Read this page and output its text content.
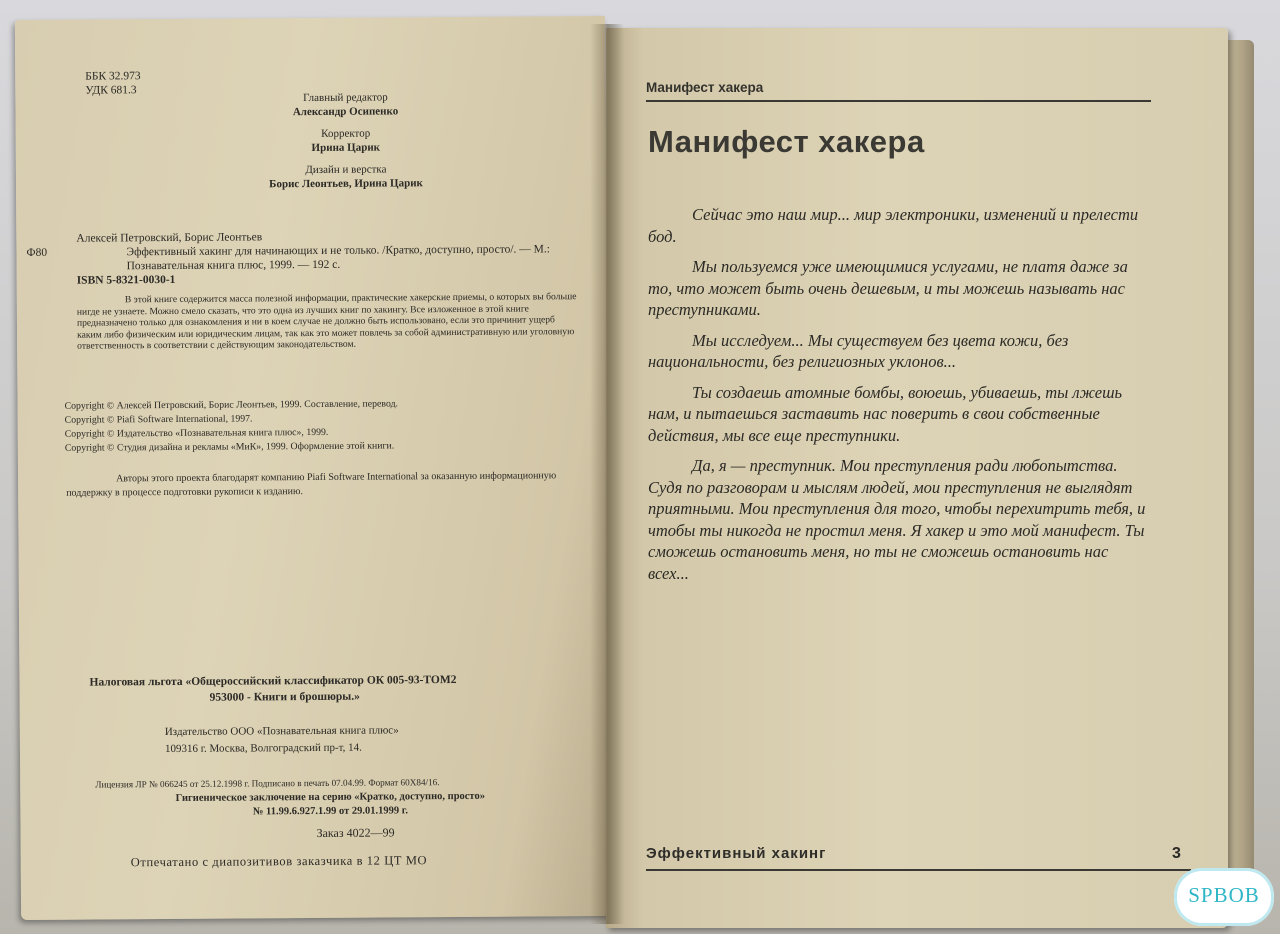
ББК 32.973
УДК 681.3
Главный редактор
Александр Осипенко
Корректор
Ирина Царик
Дизайн и верстка
Борис Леонтьев, Ирина Царик
Алексей Петровский, Борис Леонтьев
Ф80	Эффективный хакинг для начинающих и не только. /Кратко, доступно, просто/. — М.: Познавательная книга плюс, 1999. — 192 с.
ISBN 5-8321-0030-1

В этой книге содержится масса полезной информации, практические хакерские приемы, о которых вы больше нигде не узнаете. Можно смело сказать, что это одна из лучших книг по хакингу. Все изложенное в этой книге предназначено только для ознакомления и ни в коем случае не должно быть использовано, если это причинит ущерб каким либо физическим или юридическим лицам, так как это может повлечь за собой административную или уголовную ответственность в соответствии с действующим законодательством.

Copyright © Алексей Петровский, Борис Леонтьев, 1999. Составление, перевод.
Copyright © Piafi Software International, 1997.
Copyright © Издательство «Познавательная книга плюс», 1999.
Copyright © Студия дизайна и рекламы «МиК», 1999. Оформление этой книги.

Авторы этого проекта благодарят компанию Piafi Software International за оказанную информационную поддержку в процессе подготовки рукописи к изданию.

Налоговая льгота «Общероссийский классификатор ОК 005-93-ТОМ2
953000 - Книги и брошюры.»
Издательство ООО «Познавательная книга плюс»
109316 г. Москва, Волгоградский пр-т, 14.
Лицензия ЛР № 066245 от 25.12.1998 г. Подписано в печать 07.04.99. Формат 60Х84/16.
Гигиеническое заключение на серию «Кратко, доступно, просто»
№ 11.99.6.927.1.99 от 29.01.1999 г.
Заказ 4022—99
Отпечатано с диапозитивов заказчика в 12 ЦТ МО
Манифест хакера
Манифест хакера

Сейчас это наш мир... мир электроники, изменений и прелести бод.

Мы пользуемся уже имеющимися услугами, не платя даже за то, что может быть очень дешевым, и ты можешь называть нас преступниками.

Мы исследуем... Мы существуем без цвета кожи, без национальности, без религиозных уклонов...

Ты создаешь атомные бомбы, воюешь, убиваешь, ты лжешь нам, и пытаешься заставить нас поверить в свои собственные действия, мы все еще преступники.

Да, я — преступник. Мои преступления ради любопытства. Судя по разговорам и мыслям людей, мои преступления не выглядят приятными. Мои преступления для того, чтобы перехитрить тебя, и чтобы ты никогда не простил меня. Я хакер и это мой манифест. Ты сможешь остановить меня, но ты не сможешь остановить нас всех...

Эффективный хакинг	3
SPBOB
